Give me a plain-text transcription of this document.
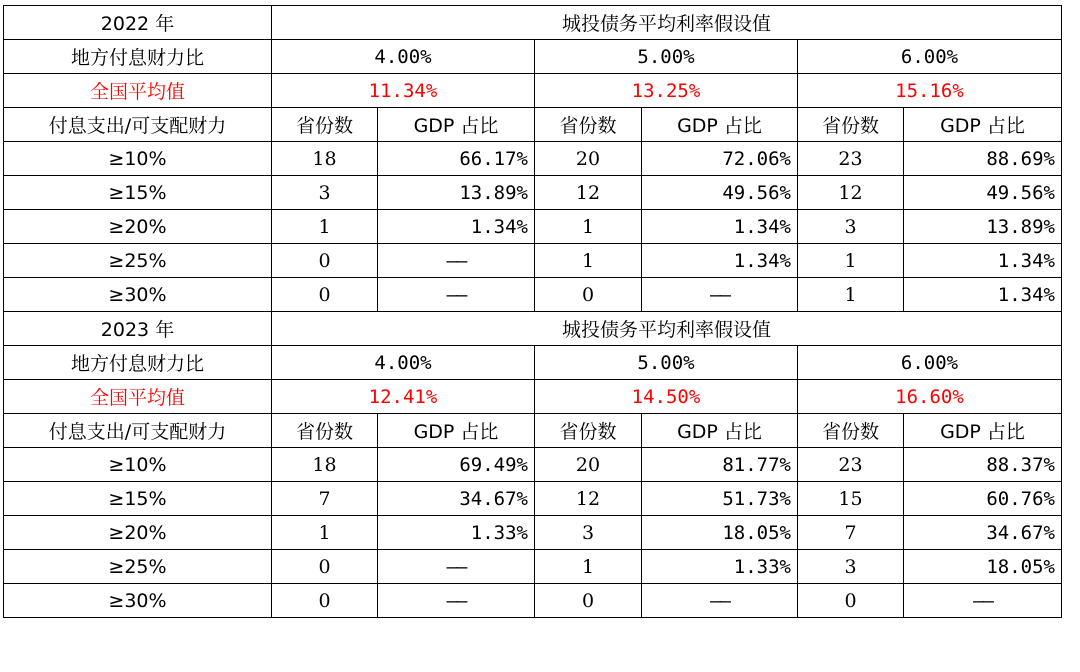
2022 年	城投债务平均利率假设值					
地方付息财力比	4.00%		5.00%		6.00%	
全国平均值	11.34%		13.25%		15.16%	
付息支出/可支配财力	省份数	GDP 占比	省份数	GDP 占比	省份数	GDP 占比
≥10%	18	66.17%	20	72.06%	23	88.69%
≥15%	3	13.89%	12	49.56%	12	49.56%
≥20%	1	1.34%	1	1.34%	3	13.89%
≥25%	0	——	1	1.34%	1	1.34%
≥30%	0	——	0	——	1	1.34%
2023 年	城投债务平均利率假设值					
地方付息财力比	4.00%		5.00%		6.00%	
全国平均值	12.41%		14.50%		16.60%	
付息支出/可支配财力	省份数	GDP 占比	省份数	GDP 占比	省份数	GDP 占比
≥10%	18	69.49%	20	81.77%	23	88.37%
≥15%	7	34.67%	12	51.73%	15	60.76%
≥20%	1	1.33%	3	18.05%	7	34.67%
≥25%	0	——	1	1.33%	3	18.05%
≥30%	0	——	0	——	0	——
